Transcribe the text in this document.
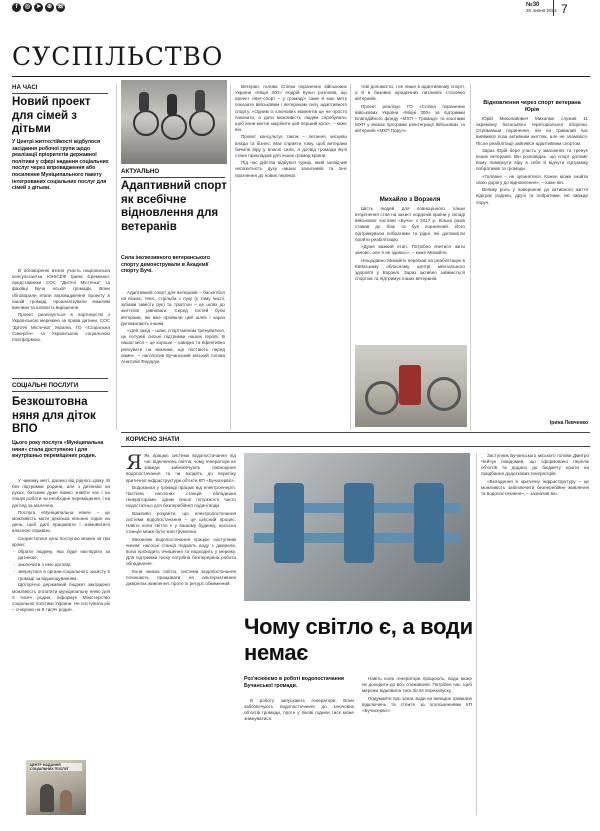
f	◎ ➤ ⊕ ☏	№30
25 липня 2024 7
СУСПІЛЬСТВО
НА ЧАСІ
Новий проект для сімей з дітьми
У Центрі життєстійкості відбулося засідання робочої групи щодо реалізації пріоритетів державної політики у сфері надання соціальних послуг через впровадження або посилення Муніципального пакету інтегрованих соціальних послуг для сімей з дітьми.

В обговоренні взяли участь національна консультантка ЮНІСЕФ Ірина Єременко, представники СОС “Дитячі Містечка” та фахівці Буча нської громади. Вони обговорили етапи впровадження проекту в нашій громаді, проаналізували можливі виклики та шляхи їх вирішення.

Проект реалізується в партнерстві з Українською мережею за права дитини, СОС “Дитячі Містечка” Україна, ГО «Соціальна Синергія» та Українською соціальною платформою.

СОЦІАЛЬНІ ПОСЛУГИ
Безкоштовна няня для діток ВПО
Цього року послуга «Муніципальна няня» стала доступною і для внутрішньо переміщених родин.

У чимому меті, далеко від рідного дому, їй без підтримки родини, але з дитиною на руках, батькам дуже важко знайти час і на пошук роботи чи необхідне переміщення, і на догляд за малечею.

Послуга «Муніципальна няня» – це можливість мати декілька вільних годин на день, щоб далі працювати і знімоватися власною справою.

Скористатися цією послугою можна за три кроки:

- обрати людину, яка буде наглядати за дитиною;
- заключити з нею договір;
- звернутися в органи соціального захисту в громаді за відшкодуванням.

Щоторічно державний бюджет закладено можливість оплатити муніципальну няню для 3 тисяч родин, інформує Міністерство соціальної політики України. Не поступила рік – очікуємо на 6 тисяч родин.

ЦЕНТР НАДАННЯ СОЦІАЛЬНИХ ПОСЛУГ
АКТУАЛЬНО
Адаптивний спорт як всебічне відновлення для ветеранів
Сила інклюзивного ветеранського спорту демонстрували в Академії спорту Бучі.

Адаптивний спорт для ветеранів – баскетбол на візках, теніс, стрільба з луку (у тому числі, зубами замість рук) та тріатлон – це шлях до життєвої рівноваги. Серед гостей були ветерани, які вже пройшли цей шлях і зараз допомагають іншим.

«Цей захід – шанс спортсменам тренуватися, це потужні сильні підтримки наших героїв. В нашої місії – це хороше – швидко та ефективно реагувати на виклики, що постають перед нами», – наголосив Бучанський міський голова Анатолій Федорук.

Ветеран, голова Спілки поранених військових України «Міцні 300» Андрій Куньч розповів, що проект «Вет-спорт – у громаді» саме й має мету показати військовим і ветеранам силу адаптивного спорту. «Одним із ключових моментів це не просто показати, а дати можливість людям спробувати, щоб вони могли закріпити цей перший крок», – каже він.

Проект консультує також – летання, місцева влада та бізнес. Має сприяти тому, щоб ветерани бачили віру у власні сили, а досвід громади Бучі стане прикладом для інших громад країни.

Під час дійства відбувся турнір, який засвідчив непохитність духу наших захисників та їхнє прагнення до нових перемог.

тові допомогти, і не лише в адаптивному спорті, а й в базових юридичних питаннях стосовно ветеранів.

Проект реалізує ГО «Спілка поранених військових України «Міцні 300» за підтримки Благодійного фонду «МХП – Громаді» та коштами МХП у межах програми реінтеграції військових та ветеранів «МХП Поруч».

Михайло з Ворзеля

Шість людей для повноцінного тільки вторгнення став на захист кордонів країни у складі військової частини «Буча» з 2017 р. Кілька разів ставав до бою та був поранений. Його підтримували побратими та рідні, які допомогли пройти реабілітацію.

«Дуже важкий етап. Потрібно вчитися жити заново, але я не здаюсь», – каже Михайло.

Нещодавно Михайло переїхав на реабілітацію в Київському обласному центрі ментального здоров'я у Ворзелі. Зараз активно займається спортом та підтримує інших ветеранів.

Відновлення через спорт ветерана Юрія

Юрій Миколайович Михалюк служив 11 окремому батальйоні територіальної оборони. Отримавши поранення, він на тривалий час виявився поза активним життям, але не зламався. Після реабілітації зайнявся адаптивним спортом.

Зараз Юрій бере участь у змаганнях та тренує інших ветеранів. Він розповідає, що спорт допоміг йому повернути віру в себе й відчути підтримку побратимів та громади.

«Головне – не зупинятися. Кожен може знайти свою дорогу до відновлення», – каже він.

Велику роль у поверненні до активного життя відіграє родина, друзі та побратими, які завжди поруч.

Ірина Левченко
КОРИСНО ЗНАТИ

Я Як працює система водопостачання під час відключень світла, чому генератори не завжди забезпечують повноцінне водопостачання та чи входять до переліку критичної інфраструктури об'єкти КП «Бучасервіс».

Водоканал у громаді працює від електроенергії. Частина насосних станцій обладнана генераторами, однак їхньої потужності часто недостатньо для безперебійної подачі води.

Важливо розуміти, що електропостачання системи водопостачання – це цілісний процес. Навіть коли світло є у вашому будинку, насосна станція може бути знеструмлена.

Механізм водопостачання працює наступним чином: насосні станції подають воду з джерела, вона проходить очищення та надходить у мережу. Для підтримки тиску потрібна безперервна робота обладнання.

Коли зникає світло, системи водопостачання починають працювати на альтернативних джерелах живлення, проте їх ресурс обмежений.

Чому світло є, а води немає
Роз'яснюємо в роботі водопостачання Бучанської громади.

В роботу запускають генератори. Вони забезпечують водопостачання до ключових об'єктів громади, проте у пікові години тиск може знижуватися.

Навіть коли генератори працюють, вода може не доходити до всіх споживачів. Потрібен час, щоб мережа відновила тиск після перезапуску.

Подумайте про запас води на випадок тривалих відключень та стежте за оголошеннями КП «Бучасервіс».

Заступник Бучанського міського голови Дмитро Чейчук повідомив, що сформовано перелік об'єктів та додано до бюджету кошти на придбання додаткових генераторів.

«Вкладення в критичну інфраструктуру – це можливість забезпечити безперебійне живлення та водопостачання», – зазначив він.
